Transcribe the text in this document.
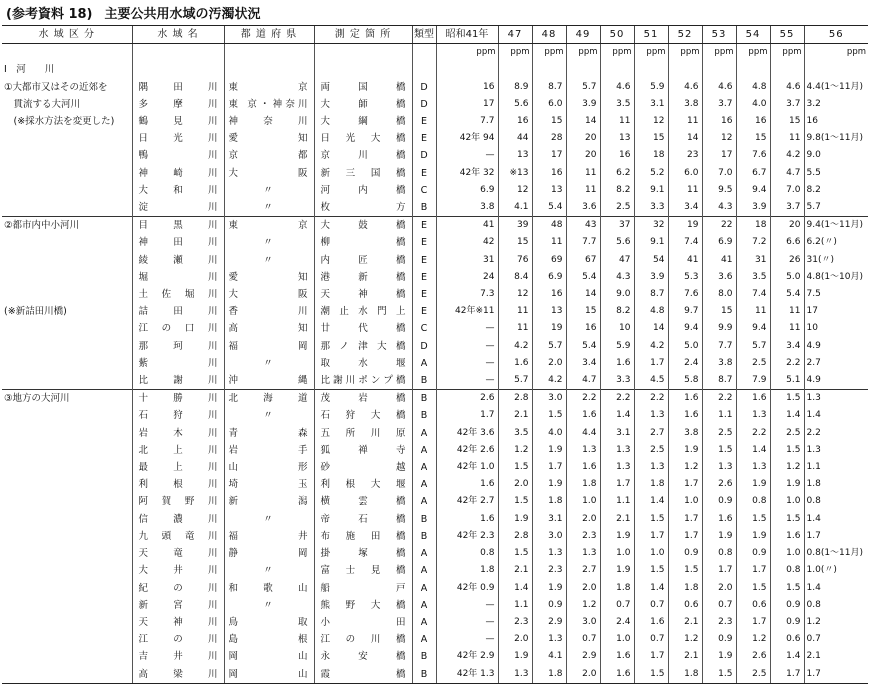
(参考資料 18) 主要公共用水域の汚濁状況
水 域 区 分	水 域 名	都 道 府 県	測 定 箇 所	類型	昭和41年	47	48	49	50	51	52	53	54	55	56
					ppm	ppm	ppm	ppm	ppm	ppm	ppm	ppm	ppm	ppm	ppm
I　河　　川															
①大都市又はその近郊を	隅田川	東京	両国橋	D	16	8.9	8.7	5.7	4.6	5.9	4.6	4.6	4.8	4.6	4.4(1〜11月)
　貫流する大河川	多摩川	東 京・神奈川	大師橋	D	17	5.6	6.0	3.9	3.5	3.1	3.8	3.7	4.0	3.7	3.2
　(※採水方法を変更した)	鶴見川	神奈川	大綱橋	E	7.7	16	15	14	11	12	11	16	16	15	16
	日光川	愛知	日光大橋	E	42年 94	44	28	20	13	15	14	12	15	11	9.8(1〜11月)
	鴨川	京都	京川橋	D	—	13	17	20	16	18	23	17	7.6	4.2	9.0
	神崎川	大阪	新三国橋	E	42年 32	※13	16	11	6.2	5.2	6.0	7.0	6.7	4.7	5.5
	大和川	〃	河内橋	C	6.9	12	13	11	8.2	9.1	11	9.5	9.4	7.0	8.2
	淀川	〃	枚方	B	3.8	4.1	5.4	3.6	2.5	3.3	3.4	4.3	3.9	3.7	5.7
②都市内中小河川	目黒川	東京	大鼓橋	E	41	39	48	43	37	32	19	22	18	20	9.4(1〜11月)
	神田川	〃	柳橋	E	42	15	11	7.7	5.6	9.1	7.4	6.9	7.2	6.6	6.2(〃)
	綾瀬川	〃	内匠橋	E	31	76	69	67	47	54	41	41	31	26	31(〃)
	堀川	愛知	港新橋	E	24	8.4	6.9	5.4	4.3	3.9	5.3	3.6	3.5	5.0	4.8(1〜10月)
	土佐堀川	大阪	天神橋	E	7.3	12	16	14	9.0	8.7	7.6	8.0	7.4	5.4	7.5
(※新詰田川橋)	詰田川	香川	潮止水門上	E	42年※11	11	13	15	8.2	4.8	9.7	15	11	11	17
	江の口川	高知	廿代橋	C	—	11	19	16	10	14	9.4	9.9	9.4	11	10
	那珂川	福岡	那ノ津大橋	D	—	4.2	5.7	5.4	5.9	4.2	5.0	7.7	5.7	3.4	4.9
	紫川	〃	取水堰	A	—	1.6	2.0	3.4	1.6	1.7	2.4	3.8	2.5	2.2	2.7
	比謝川	沖縄	比謝川ポンプ橋	B	—	5.7	4.2	4.7	3.3	4.5	5.8	8.7	7.9	5.1	4.9
③地方の大河川	十勝川	北海道	茂岩橋	B	2.6	2.8	3.0	2.2	2.2	2.2	1.6	2.2	1.6	1.5	1.3
	石狩川	〃	石狩大橋	B	1.7	2.1	1.5	1.6	1.4	1.3	1.6	1.1	1.3	1.4	1.4
	岩木川	青森	五所川原	A	42年 3.6	3.5	4.0	4.4	3.1	2.7	3.8	2.5	2.2	2.5	2.2
	北上川	岩手	狐禅寺	A	42年 2.6	1.2	1.9	1.3	1.3	2.5	1.9	1.5	1.4	1.5	1.3
	最上川	山形	砂越	A	42年 1.0	1.5	1.7	1.6	1.3	1.3	1.2	1.3	1.3	1.2	1.1
	利根川	埼玉	利根大堰	A	1.6	2.0	1.9	1.8	1.7	1.8	1.7	2.6	1.9	1.9	1.8
	阿賀野川	新潟	横雲橋	A	42年 2.7	1.5	1.8	1.0	1.1	1.4	1.0	0.9	0.8	1.0	0.8
	信濃川	〃	帝石橋	B	1.6	1.9	3.1	2.0	2.1	1.5	1.7	1.6	1.5	1.5	1.4
	九頭竜川	福井	布施田橋	B	42年 2.3	2.8	3.0	2.3	1.9	1.7	1.7	1.9	1.9	1.6	1.7
	天竜川	静岡	掛塚橋	A	0.8	1.5	1.3	1.3	1.0	1.0	0.9	0.8	0.9	1.0	0.8(1〜11月)
	大井川	〃	富士見橋	A	1.8	2.1	2.3	2.7	1.9	1.5	1.5	1.7	1.7	0.8	1.0(〃)
	紀の川	和歌山	船戸	A	42年 0.9	1.4	1.9	2.0	1.8	1.4	1.8	2.0	1.5	1.5	1.4
	新宮川	〃	熊野大橋	A	—	1.1	0.9	1.2	0.7	0.7	0.6	0.7	0.6	0.9	0.8
	天神川	鳥取	小田	A	—	2.3	2.9	3.0	2.4	1.6	2.1	2.3	1.7	0.9	1.2
	江の川	島根	江の川橋	A	—	2.0	1.3	0.7	1.0	0.7	1.2	0.9	1.2	0.6	0.7
	吉井川	岡山	永安橋	B	42年 2.9	1.9	4.1	2.9	1.6	1.7	2.1	1.9	2.6	1.4	2.1
	高梁川	岡山	霞橋	B	42年 1.3	1.3	1.8	2.0	1.6	1.5	1.8	1.5	2.5	1.7	1.7
